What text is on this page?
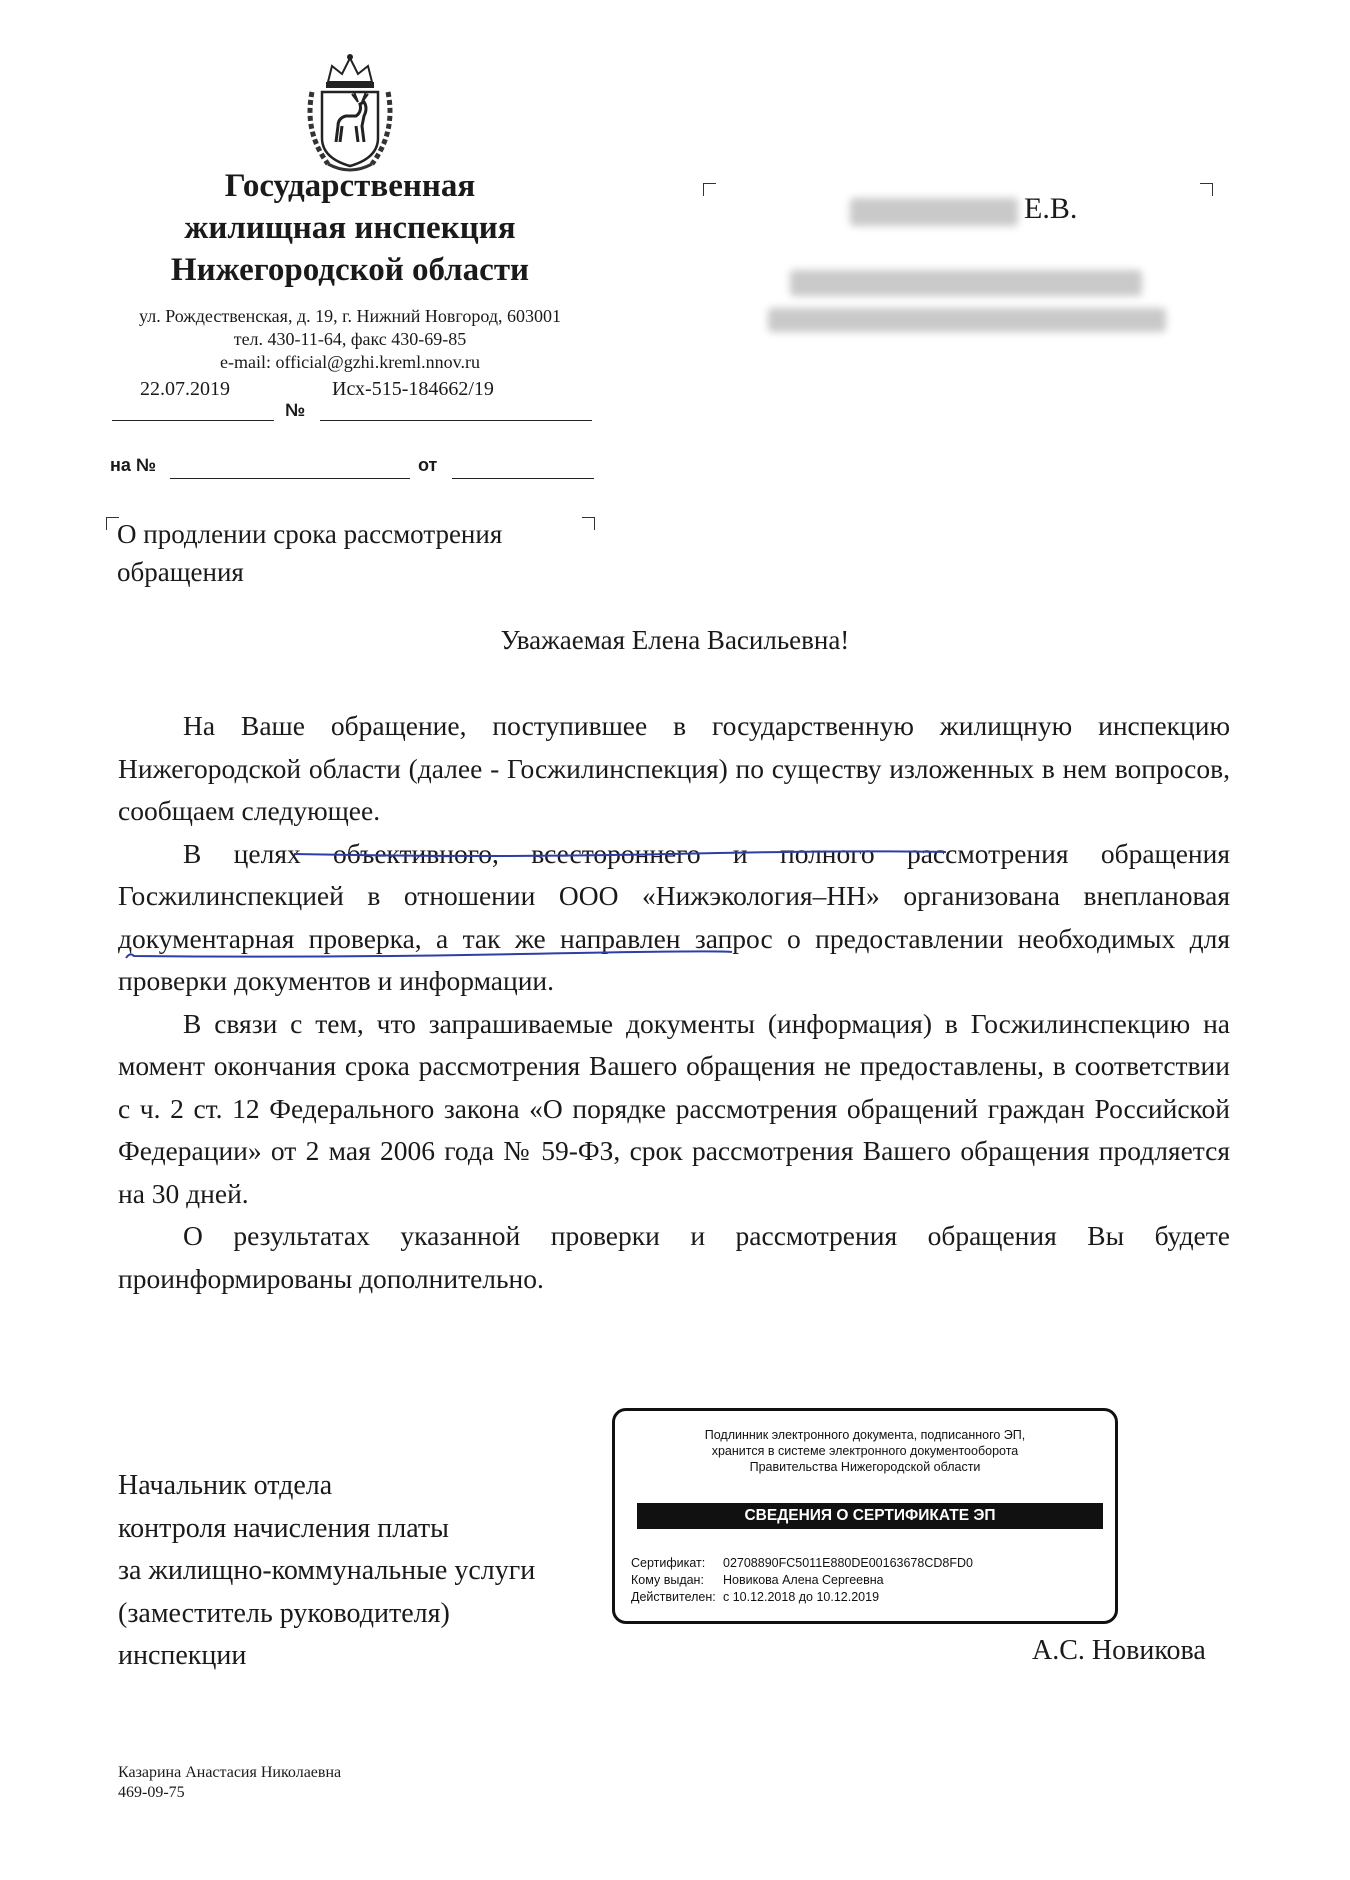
Государственная
жилищная инспекция
Нижегородской области
ул. Рождественская, д. 19, г. Нижний Новгород, 603001
тел. 430-11-64, факс 430-69-85
e-mail: official@gzhi.kreml.nnov.ru
22.07.2019	Исх-515-184662/19
№
на №	от
О продлении срока рассмотрения
обращения
Е.В.
Уважаемая Елена Васильевна!

На Ваше обращение, поступившее в государственную жилищную инспекцию Нижегородской области (далее - Госжилинспекция) по существу изложенных в нем вопросов, сообщаем следующее.

В целях объективного, всестороннего и полного рассмотрения обращения Госжилинспекцией в отношении ООО «Нижэкология–НН» организована внеплановая документарная проверка, а так же направлен запрос о предоставлении необходимых для проверки документов и информации.

В связи с тем, что запрашиваемые документы (информация) в Госжилинспекцию на момент окончания срока рассмотрения Вашего обращения не предоставлены, в соответствии с ч. 2 ст. 12 Федерального закона «О порядке рассмотрения обращений граждан Российской Федерации» от 2 мая 2006 года № 59-ФЗ, срок рассмотрения Вашего обращения продляется на 30 дней.

О результатах указанной проверки и рассмотрения обращения Вы будете проинформированы дополнительно.

Начальник отдела
контроля начисления платы
за жилищно-коммунальные услуги
(заместитель руководителя)
инспекции
Подлинник электронного документа, подписанного ЭП,
хранится в системе электронного документооборота
Правительства Нижегородской области
СВЕДЕНИЯ О СЕРТИФИКАТЕ ЭП
Сертификат: 02708890FC5011E880DE00163678CD8FD0
Кому выдан: Новикова Алена Сергеевна
Действителен: с 10.12.2018 до 10.12.2019
А.С. Новикова
Казарина Анастасия Николаевна
469-09-75
